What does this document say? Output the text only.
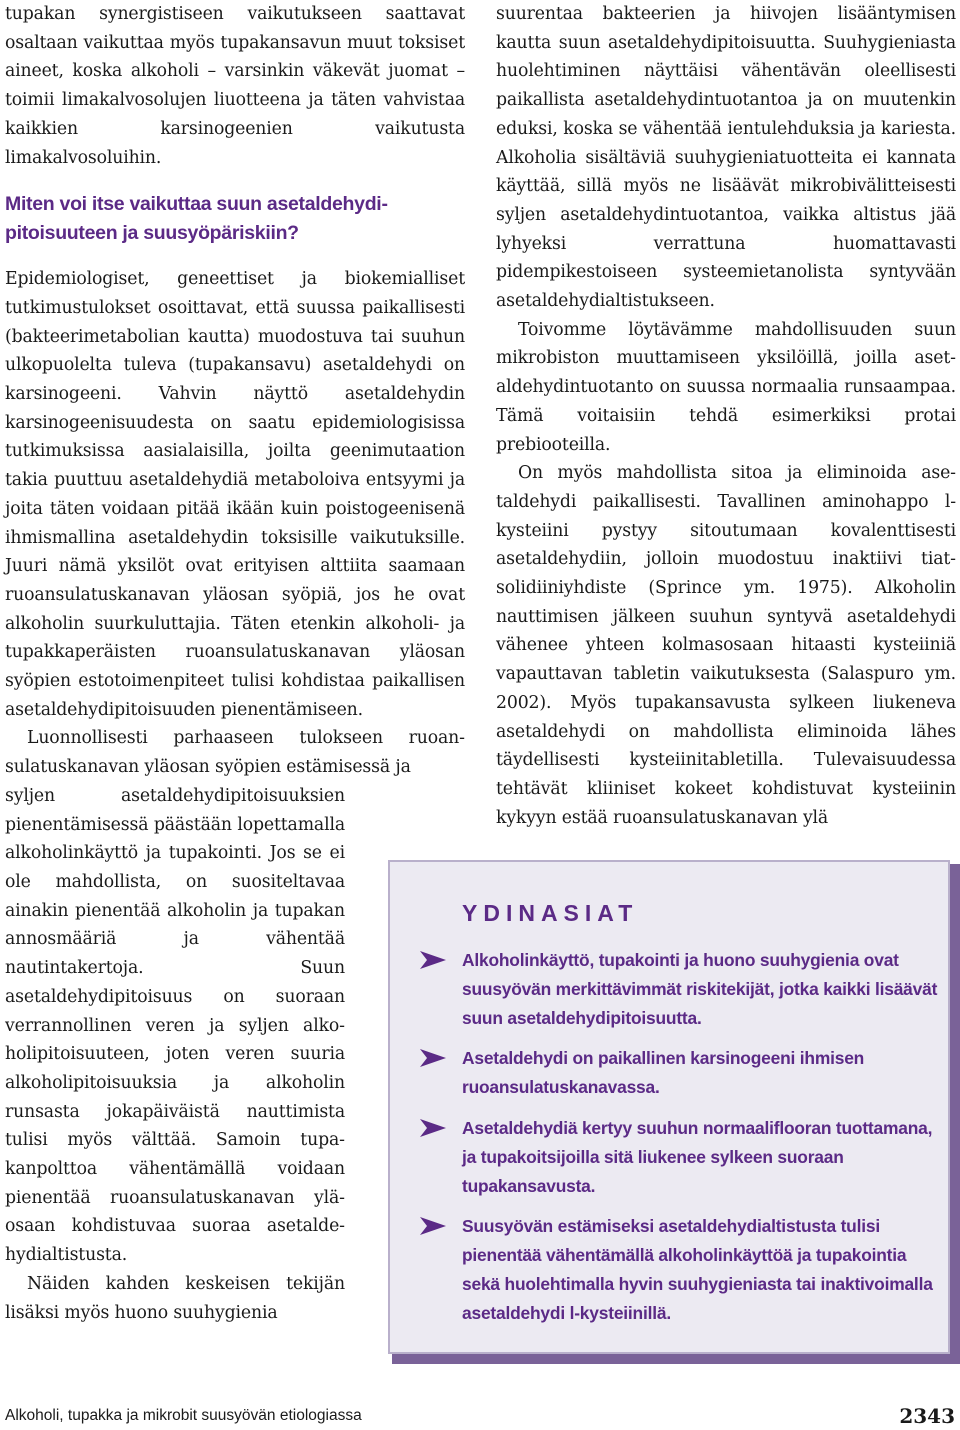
tupakan synergistiseen vaikutukseen saattavat osaltaan vaikuttaa myös tupakansavun muut toksiset aineet, koska alkoholi – varsinkin väkevät juomat – toimii limakalvosolujen liuotteena ja täten vahvistaa kaikkien karsinogeenien vaikutusta limakalvosoluihin.

Miten voi itse vaikuttaa suun asetaldehydipitoisuuteen ja suusyöpäriskiin?

Epidemiologiset, geneettiset ja biokemialliset tutkimustulokset osoittavat, että suussa paikallisesti (bakteerimetabolian kautta) muodostuva tai suuhun ulkopuolelta tuleva (tupakansavu) asetaldehydi on karsinogeeni. Vahvin näyttö asetaldehydin karsinogeenisuudesta on saatu epidemiologisissa tutkimuksissa aasialaisilla, joilta geenimutaation takia puuttuu asetaldehydiä metaboloiva entsyymi ja joita täten voidaan pitää ikään kuin poistogeenisenä ihmismallina asetaldehydin toksisille vaikutuksille. Juuri nämä yksilöt ovat erityisen alttiita saamaan ruoansulatuskanavan yläosan syöpiä, jos he ovat alkoholin suurkuluttajia. Täten etenkin alkoholi- ja tupakkaperäisten ruoansulatuskanavan yläosan syöpien estotoimenpiteet tulisi kohdistaa paikallisen asetaldehydipitoisuuden pienentämiseen.

Luonnollisesti parhaaseen tulokseen ruoansulatuskanavan yläosan syöpien estämisessä ja

syljen asetaldehydipitoisuuksien pienentämisessä päästään lopettamalla alkoholinkäyttö ja tupakointi. Jos se ei ole mahdollista, on suositeltavaa ainakin pienentää alkoholin ja tupakan annosmääriä ja vähentää nautintakertoja. Suun asetaldehydipitoisuus on suoraan verrannollinen veren ja syljen alkoholipitoisuuteen, joten veren suuria alkoholipitoisuuksia ja alkoholin runsasta jokapäiväistä nauttimista tulisi myös välttää. Samoin tupakanpolttoa vähentämällä voidaan pienentää ruoansulatuskanavan yläosaan kohdistuvaa suoraa asetaldehydialtistusta.

Näiden kahden keskeisen tekijän lisäksi myös huono suuhygienia

suurentaa bakteerien ja hiivojen lisääntymisen kautta suun asetaldehydipitoisuutta. Suuhygieniasta huolehtiminen näyttäisi vähentävän oleellisesti paikallista asetaldehydintuotantoa ja on muutenkin eduksi, koska se vähentää ientulehduksia ja kariesta. Alkoholia sisältäviä suuhygieniatuotteita ei kannata käyttää, sillä myös ne lisäävät mikrobivälitteisesti syljen asetaldehydintuotantoa, vaikka altistus jää lyhyeksi verrattuna huomattavasti pidempikestoiseen systeemietanolista syntyvään asetaldehydialtistukseen.

Toivomme löytävämme mahdollisuuden suun mikrobiston muuttamiseen yksilöillä, joilla asetaldehydintuotanto on suussa normaalia runsaampaa. Tämä voitaisiin tehdä esimerkiksi protai prebiooteilla.

On myös mahdollista sitoa ja eliminoida asetaldehydi paikallisesti. Tavallinen aminohappo l-kysteiini pystyy sitoutumaan kovalenttisesti asetaldehydiin, jolloin muodostuu inaktiivi tiatsolidiiniyhdiste (Sprince ym. 1975). Alkoholin nauttimisen jälkeen suuhun syntyvä asetaldehydi vähenee yhteen kolmasosaan hitaasti kysteiiniä vapauttavan tabletin vaikutuksesta (Salaspuro ym. 2002). Myös tupakansavusta sylkeen liukeneva asetaldehydi on mahdollista eliminoida lähes täydellisesti kysteiinitabletilla. Tulevaisuudessa tehtävät kliiniset kokeet kohdistuvat kysteiinin kykyyn estää ruoansulatuskanavan ylä

YDINASIAT
Alkoholinkäyttö, tupakointi ja huono suuhygienia ovat suusyövän merkittävimmät riskitekijät, jotka kaikki lisäävät suun asetaldehydipitoisuutta.
Asetaldehydi on paikallinen karsinogeeni ihmisen ruoansulatuskanavassa.
Asetaldehydiä kertyy suuhun normaaliflooran tuottamana, ja tupakoitsijoilla sitä liukenee sylkeen suoraan tupakansavusta.
Suusyövän estämiseksi asetaldehydialtistusta tulisi pienentää vähentämällä alkoholinkäyttöä ja tupakointia sekä huolehtimalla hyvin suuhygieniasta tai inaktivoimalla asetaldehydi l-kysteiinillä.
Alkoholi, tupakka ja mikrobit suusyövän etiologiassa	2343
